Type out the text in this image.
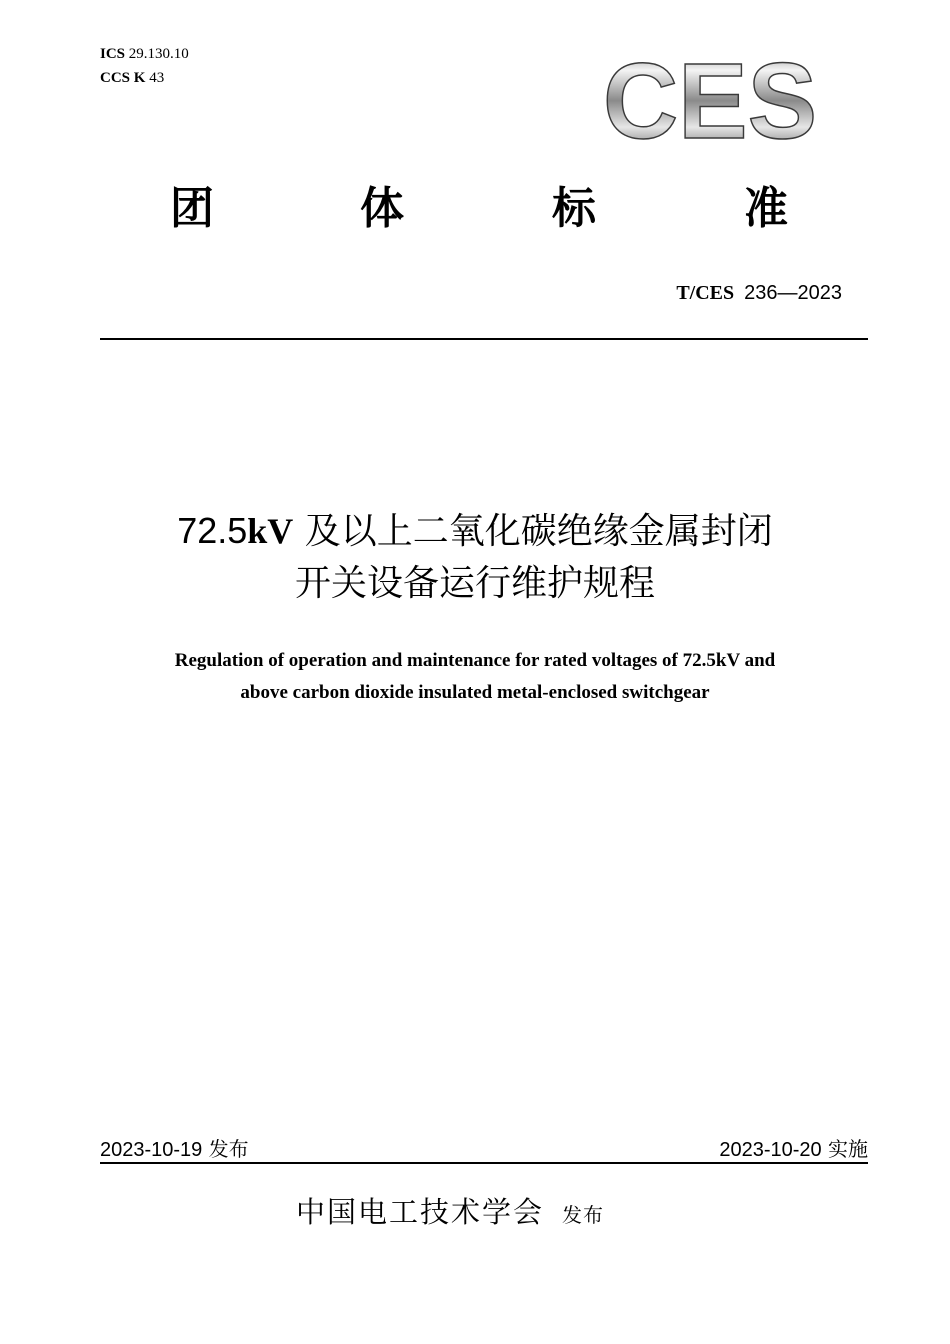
ICS 29.130.10
CCS K 43	CES
团	体	标	准
T/CES 236—2023
72.5kV 及以上二氧化碳绝缘金属封闭
开关设备运行维护规程
Regulation of operation and maintenance for rated voltages of 72.5kV and
above carbon dioxide insulated metal-enclosed switchgear
2023-10-19 发布	2023-10-20 实施
中国电工技术学会 发布
